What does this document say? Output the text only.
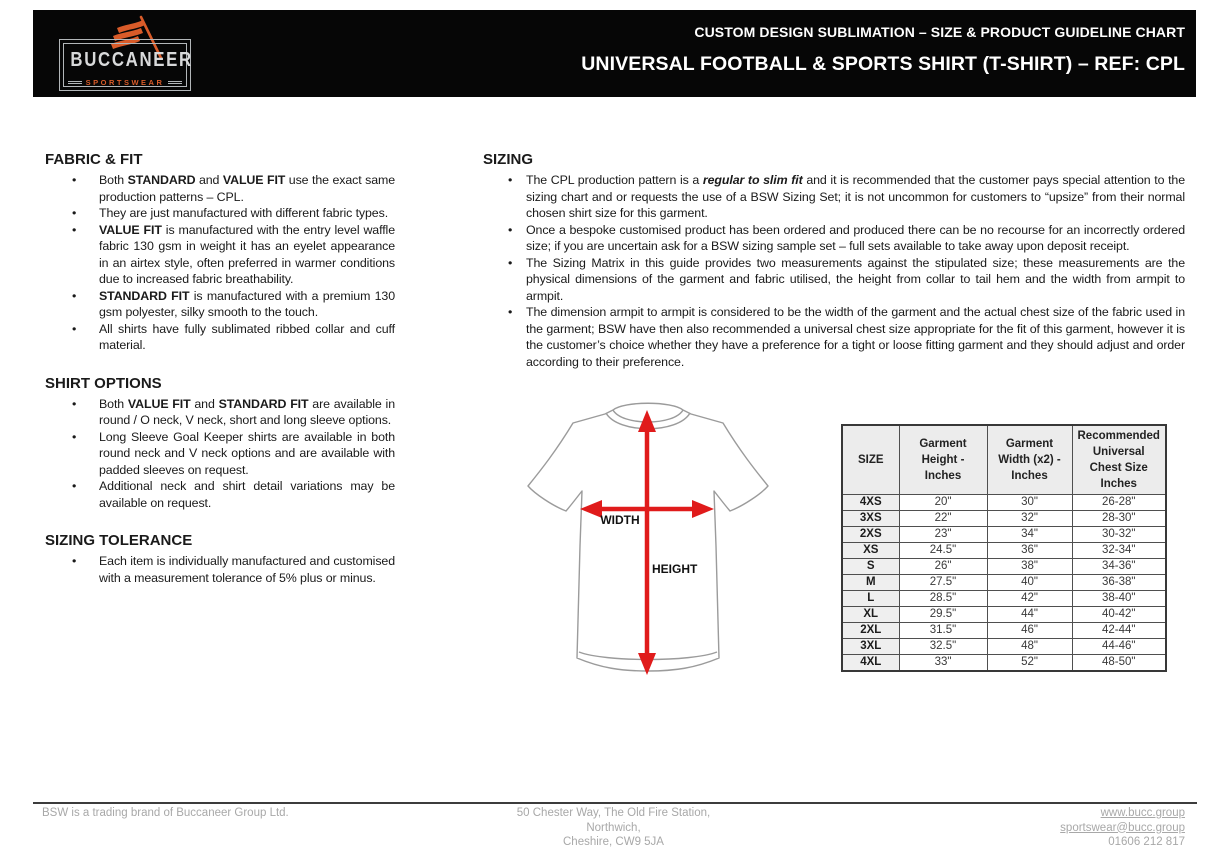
BUCCANEER
SPORTSWEAR
CUSTOM DESIGN SUBLIMATION – SIZE & PRODUCT GUIDELINE CHART
UNIVERSAL FOOTBALL & SPORTS SHIRT (T-SHIRT) – REF: CPL
FABRIC & FIT
• Both STANDARD and VALUE FIT use the exact same production patterns – CPL.
• They are just manufactured with different fabric types.
• VALUE FIT is manufactured with the entry level waffle fabric 130 gsm in weight it has an eyelet appearance in an airtex style, often preferred in warmer conditions due to increased fabric breathability.
• STANDARD FIT is manufactured with a premium 130 gsm polyester, silky smooth to the touch.
• All shirts have fully sublimated ribbed collar and cuff material.
SHIRT OPTIONS
• Both VALUE FIT and STANDARD FIT are available in round / O neck, V neck, short and long sleeve options.
• Long Sleeve Goal Keeper shirts are available in both round neck and V neck options and are available with padded sleeves on request.
• Additional neck and shirt detail variations may be available on request.
SIZING TOLERANCE
• Each item is individually manufactured and customised with a measurement tolerance of 5% plus or minus.
SIZING
• The CPL production pattern is a regular to slim fit and it is recommended that the customer pays special attention to the sizing chart and or requests the use of a BSW Sizing Set; it is not uncommon for customers to “upsize” from their normal chosen shirt size for this garment.
• Once a bespoke customised product has been ordered and produced there can be no recourse for an incorrectly ordered size; if you are uncertain ask for a BSW sizing sample set – full sets available to take away upon deposit receipt.
• The Sizing Matrix in this guide provides two measurements against the stipulated size; these measurements are the physical dimensions of the garment and fabric utilised, the height from collar to tail hem and the width from armpit to armpit.
• The dimension armpit to armpit is considered to be the width of the garment and the actual chest size of the fabric used in the garment; BSW have then also recommended a universal chest size appropriate for the fit of this garment, however it is the customer’s choice whether they have a preference for a tight or loose fitting garment and they should adjust and order according to their preference.
WIDTH
HEIGHT
SIZE	Garment Height - Inches	Garment Width (x2) - Inches	Recommended Universal Chest Size Inches
4XS	20"	30"	26-28"
3XS	22"	32"	28-30"
2XS	23"	34"	30-32"
XS	24.5"	36"	32-34"
S	26"	38"	34-36"
M	27.5"	40"	36-38"
L	28.5"	42"	38-40"
XL	29.5"	44"	40-42"
2XL	31.5"	46"	42-44"
3XL	32.5"	48"	44-46"
4XL	33"	52"	48-50"
BSW is a trading brand of Buccaneer Group Ltd.	50 Chester Way, The Old Fire Station,
Northwich,
Cheshire, CW9 5JA
www.bucc.group
sportswear@bucc.group
01606 212 817
